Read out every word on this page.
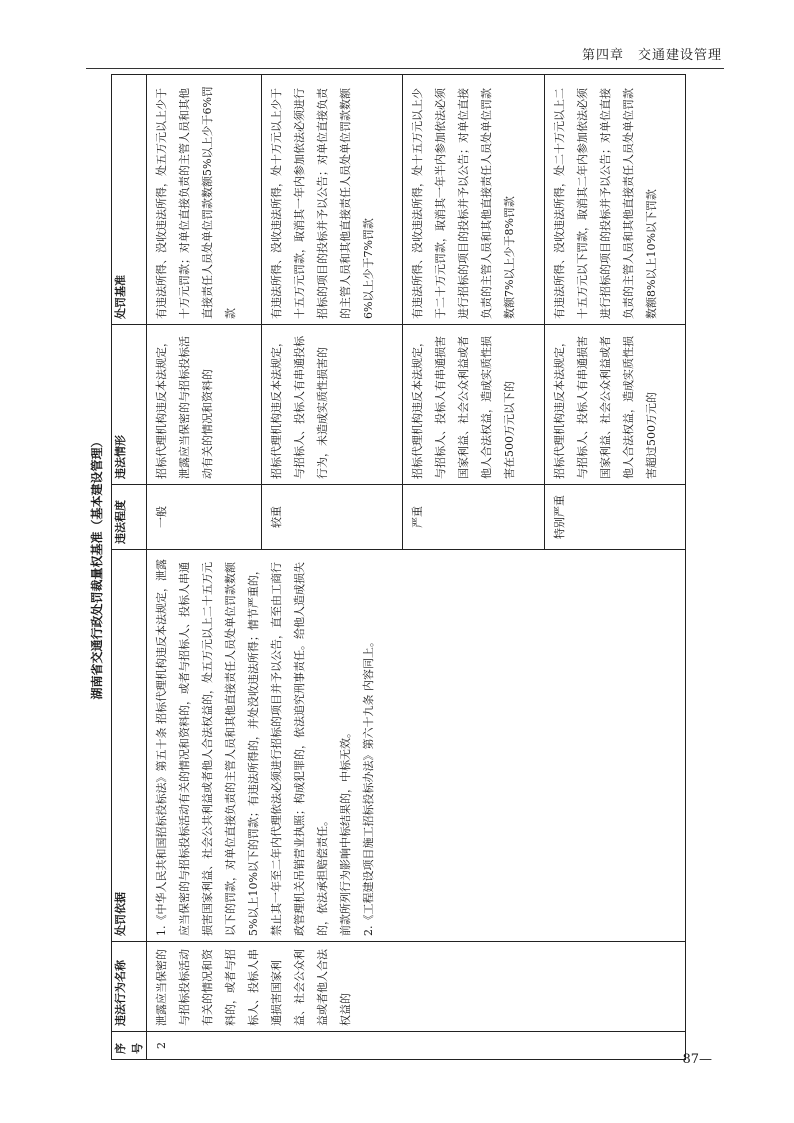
第四章　交通建设管理
湖南省交通行政处罚裁量权基准（基本建设管理）
序号	违法行为名称	处罚依据	违法程度	违法情形	处罚基准
2	泄露应当保密的与招标投标活动有关的情况和资料的，或者与招标人、投标人串通损害国家利益、社会公众利益或者他人合法权益的	1.《中华人民共和国招标投标法》第五十条 招标代理机构违反本法规定，泄露应当保密的与招标投标活动有关的情况和资料的，或者与招标人、投标人串通损害国家利益、社会公共利益或者他人合法权益的，处五万元以上二十五万元以下的罚款，对单位直接负责的主管人员和其他直接责任人员处单位罚款数额5%以上10%以下的罚款；有违法所得的，并处没收违法所得；情节严重的，禁止其一年至二年内代理依法必须进行招标的项目并予以公告，直至由工商行政管理机关吊销营业执照；构成犯罪的，依法追究刑事责任。给他人造成损失的，依法承担赔偿责任。 前款所列行为影响中标结果的，中标无效。 2.《工程建设项目施工招标投标办法》第六十九条 内容同上。	一般	招标代理机构违反本法规定，泄露应当保密的与招标投标活动有关的情况和资料的	有违法所得、没收违法所得，处五万元以上少于十万元罚款；对单位直接负责的主管人员和其他直接责任人员处单位罚款数额5%以上少于6%罚款
			较重	招标代理机构违反本法规定，与招标人、投标人有串通投标行为，未造成实质性损害的	有违法所得、没收违法所得，处十万元以上少于十五万元罚款，取消其一年内参加依法必须进行招标的项目的投标并予以公告；对单位直接负责的主管人员和其他直接责任人员处单位罚款数额6%以上少于7%罚款
			严重	招标代理机构违反本法规定，与招标人、投标人有串通损害国家利益、社会公众利益或者他人合法权益，造成实质性损害在500万元以下的	有违法所得、没收违法所得，处十五万元以上少于二十万元罚款，取消其一年半内参加依法必须进行招标的项目的投标并予以公告；对单位直接负责的主管人员和其他直接责任人员处单位罚款数额7%以上少于8%罚款
			特别严重	招标代理机构违反本法规定，与招标人、投标人有串通损害国家利益、社会公众利益或者他人合法权益，造成实质性损害超过500万元的	有违法所得、没收违法所得，处二十万元以上二十五万元以下罚款，取消其二年内参加依法必须进行招标的项目的投标并予以公告；对单位直接负责的主管人员和其他直接责任人员处单位罚款数额8%以上10%以下罚款
—87—
